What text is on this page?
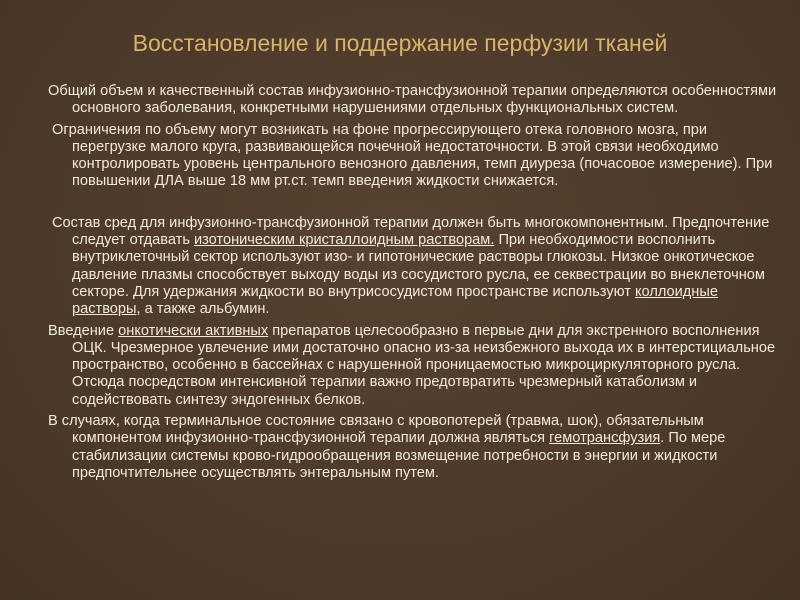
Восстановление и поддержание перфузии тканей

Общий объем и качественный состав инфузионно-трансфузионной терапии определяются особенностями основного заболевания, конкретными нарушениями отдельных функциональных систем.

Ограничения по объему могут возникать на фоне прогрессирующего отека головного мозга, при перегрузке малого круга, развивающейся почечной недостаточности. В этой связи необходимо контролировать уровень центрального венозного давления, темп диуреза (почасовое измерение). При повышении ДЛА выше 18 мм рт.ст. темп введения жидкости снижается.

Состав сред для инфузионно-трансфузионной терапии должен быть многокомпонентным. Предпочтение следует отдавать изотоническим кристаллоидным растворам. При необходимости восполнить внутриклеточный сектор используют изо- и гипотонические растворы глюкозы. Низкое онкотическое давление плазмы способствует выходу воды из сосудистого русла, ее секвестрации во внеклеточном секторе. Для удержания жидкости во внутрисосудистом пространстве используют коллоидные растворы, а также альбумин.

Введение онкотически активных препаратов целесообразно в первые дни для экстренного восполнения ОЦК. Чрезмерное увлечение ими достаточно опасно из-за неизбежного выхода их в интерстициальное пространство, особенно в бассейнах с нарушенной проницаемостью микроциркуляторного русла. Отсюда посредством интенсивной терапии важно предотвратить чрезмерный катаболизм и содействовать синтезу эндогенных белков.

В случаях, когда терминальное состояние связано с кровопотерей (травма, шок), обязательным компонентом инфузионно-трансфузионной терапии должна являться гемотрансфузия. По мере стабилизации системы крово-гидрообращения возмещение потребности в энергии и жидкости предпочтительнее осуществлять энтеральным путем.
